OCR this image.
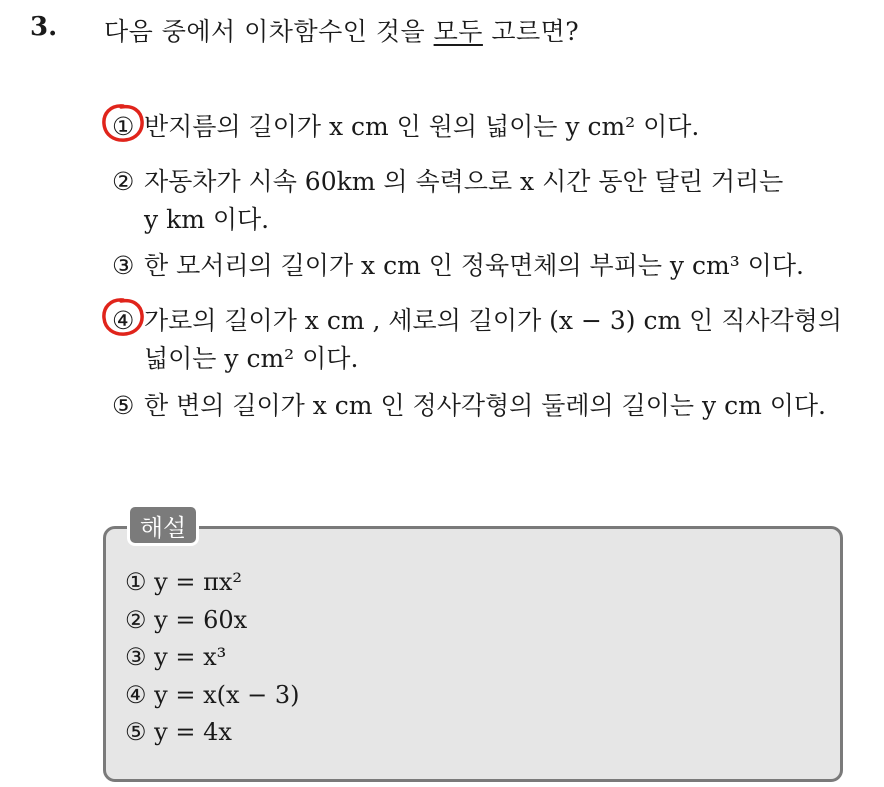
3. 다음 중에서 이차함수인 것을 모두 고르면?
① 반지름의 길이가 x cm 인 원의 넓이는 y cm² 이다.
② 자동차가 시속 60km 의 속력으로 x 시간 동안 달린 거리는
y km 이다.
③ 한 모서리의 길이가 x cm 인 정육면체의 부피는 y cm³ 이다.
④ 가로의 길이가 x cm , 세로의 길이가 (x − 3) cm 인 직사각형의
넓이는 y cm² 이다.
⑤ 한 변의 길이가 x cm 인 정사각형의 둘레의 길이는 y cm 이다.
해설
① y = πx²
② y = 60x
③ y = x³
④ y = x(x − 3)
⑤ y = 4x
